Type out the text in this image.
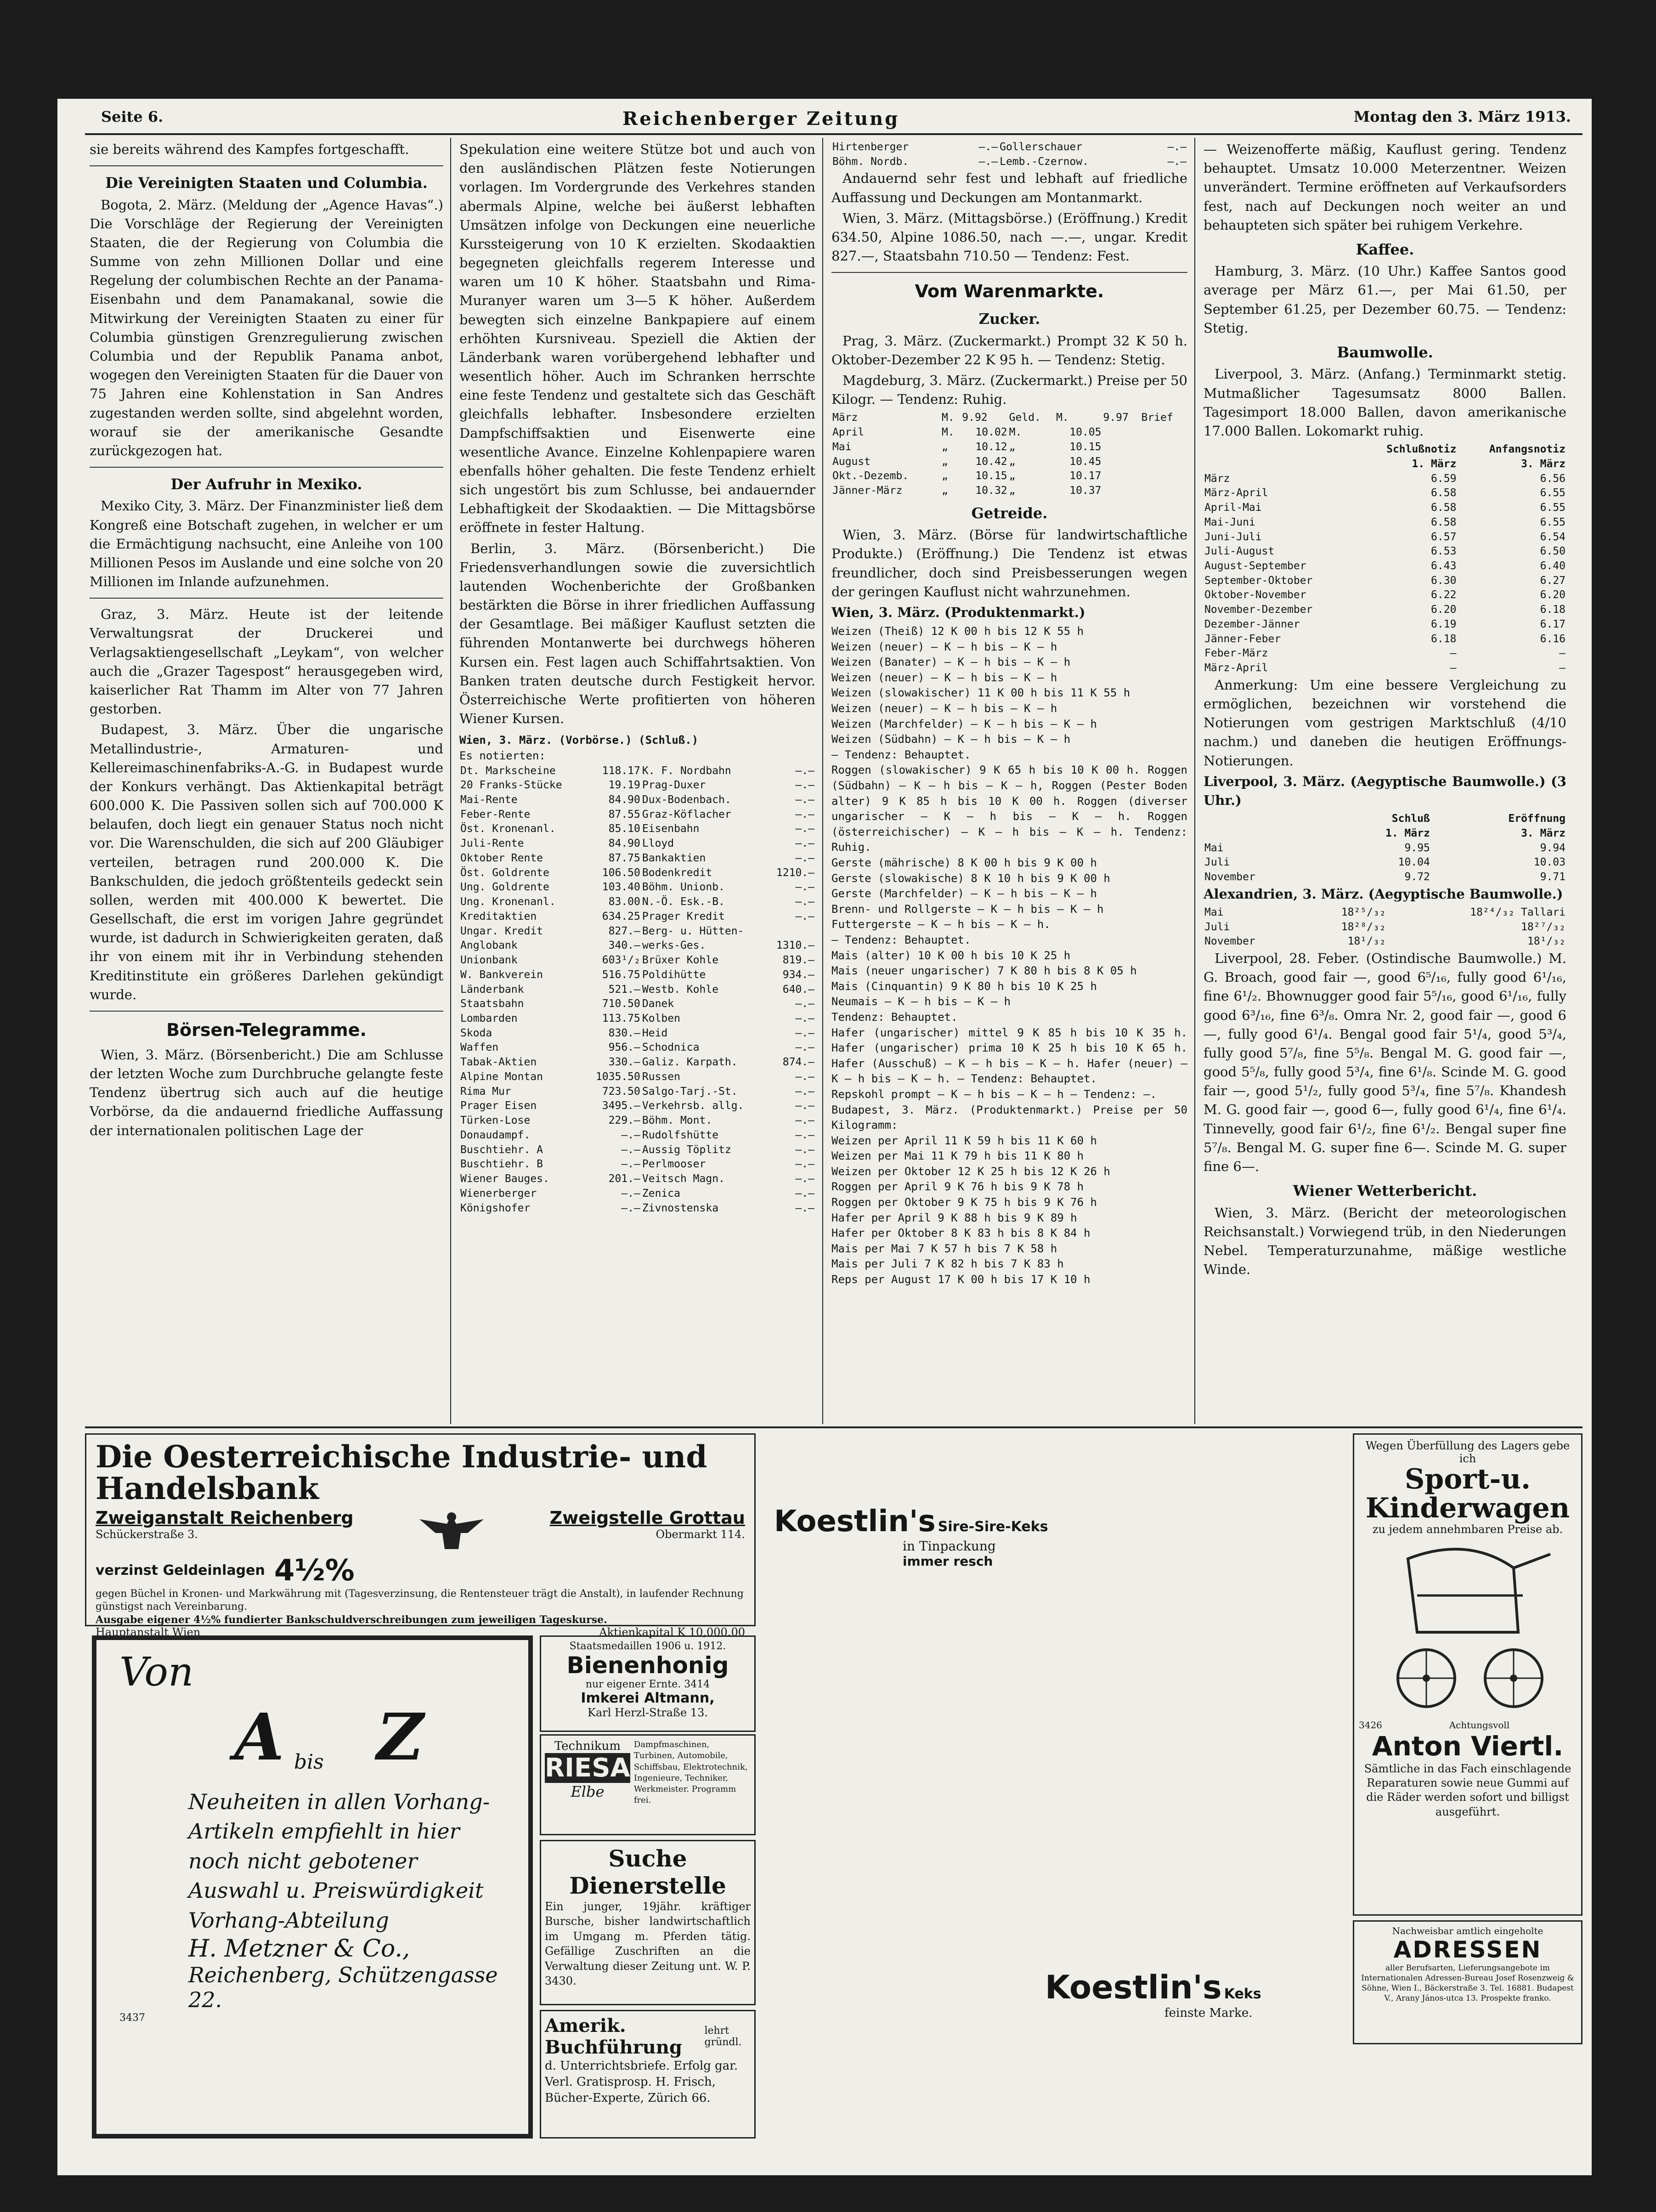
Seite 6.	Reichenberger Zeitung	Montag den 3. März 1913.

sie bereits während des Kampfes fortgeschafft.

Die Vereinigten Staaten und Columbia.

Bogota, 2. März. (Meldung der „Agence Havas“.) Die Vorschläge der Regierung der Vereinigten Staaten, die der Regierung von Columbia die Summe von zehn Millionen Dollar und eine Regelung der columbischen Rechte an der Panama-Eisenbahn und dem Panamakanal, sowie die Mitwirkung der Vereinigten Staaten zu einer für Columbia günstigen Grenzregulierung zwischen Columbia und der Republik Panama anbot, wogegen den Vereinigten Staaten für die Dauer von 75 Jahren eine Kohlenstation in San Andres zugestanden werden sollte, sind abgelehnt worden, worauf sie der amerikanische Gesandte zurückgezogen hat.

Der Aufruhr in Mexiko.

Mexiko City, 3. März. Der Finanzminister ließ dem Kongreß eine Botschaft zugehen, in welcher er um die Ermächtigung nachsucht, eine Anleihe von 100 Millionen Pesos im Auslande und eine solche von 20 Millionen im Inlande aufzunehmen.

Graz, 3. März. Heute ist der leitende Verwaltungsrat der Druckerei und Verlagsaktiengesellschaft „Leykam“, von welcher auch die „Grazer Tagespost“ herausgegeben wird, kaiserlicher Rat Thamm im Alter von 77 Jahren gestorben.

Budapest, 3. März. Über die ungarische Metallindustrie-, Armaturen- und Kellereimaschinenfabriks-A.-G. in Budapest wurde der Konkurs verhängt. Das Aktienkapital beträgt 600.000 K. Die Passiven sollen sich auf 700.000 K belaufen, doch liegt ein genauer Status noch nicht vor. Die Warenschulden, die sich auf 200 Gläubiger verteilen, betragen rund 200.000 K. Die Bankschulden, die jedoch größtenteils gedeckt sein sollen, werden mit 400.000 K bewertet. Die Gesellschaft, die erst im vorigen Jahre gegründet wurde, ist dadurch in Schwierigkeiten geraten, daß ihr von einem mit ihr in Verbindung stehenden Kreditinstitute ein größeres Darlehen gekündigt wurde.

Börsen-Telegramme.

Wien, 3. März. (Börsenbericht.) Die am Schlusse der letzten Woche zum Durchbruche gelangte feste Tendenz übertrug sich auch auf die heutige Vorbörse, da die andauernd friedliche Auffassung der internationalen politischen Lage der

Spekulation eine weitere Stütze bot und auch von den ausländischen Plätzen feste Notierungen vorlagen. Im Vordergrunde des Verkehres standen abermals Alpine, welche bei äußerst lebhaften Umsätzen infolge von Deckungen eine neuerliche Kurssteigerung von 10 K erzielten. Skodaaktien begegneten gleichfalls regerem Interesse und waren um 10 K höher. Staatsbahn und Rima-Muranyer waren um 3—5 K höher. Außerdem bewegten sich einzelne Bankpapiere auf einem erhöhten Kursniveau. Speziell die Aktien der Länderbank waren vorübergehend lebhafter und wesentlich höher. Auch im Schranken herrschte eine feste Tendenz und gestaltete sich das Geschäft gleichfalls lebhafter. Insbesondere erzielten Dampfschiffsaktien und Eisenwerte eine wesentliche Avance. Einzelne Kohlenpapiere waren ebenfalls höher gehalten. Die feste Tendenz erhielt sich ungestört bis zum Schlusse, bei andauernder Lebhaftigkeit der Skodaaktien. — Die Mittagsbörse eröffnete in fester Haltung.

Berlin, 3. März. (Börsenbericht.) Die Friedensverhandlungen sowie die zuversichtlich lautenden Wochenberichte der Großbanken bestärkten die Börse in ihrer friedlichen Auffassung der Gesamtlage. Bei mäßiger Kauflust setzten die führenden Montanwerte bei durchwegs höheren Kursen ein. Fest lagen auch Schiffahrtsaktien. Von Banken traten deutsche durch Festigkeit hervor. Österreichische Werte profitierten von höheren Wiener Kursen.

Wien, 3. März. (Vorbörse.) (Schluß.)
Es notierten:
Dt. Markscheine	118.17	K. F. Nordbahn	—.—
20 Franks-Stücke	19.19	Prag-Duxer	—.—
Mai-Rente	84.90	Dux-Bodenbach.	—.—
Feber-Rente	87.55	Graz-Köflacher	—.—
Öst. Kronenanl.	85.10	Eisenbahn	—.—
Juli-Rente	84.90	Lloyd	—.—
Oktober Rente	87.75	Bankaktien	—.—
Öst. Goldrente	106.50	Bodenkredit	1210.—
Ung. Goldrente	103.40	Böhm. Unionb.	—.—
Ung. Kronenanl.	83.00	N.-Ö. Esk.-B.	—.—
Kreditaktien	634.25	Prager Kredit	—.—
Ungar. Kredit	827.—	Berg- u. Hütten-	
Anglobank	340.—	werks-Ges.	1310.—
Unionbank	603¹/₂	Brüxer Kohle	819.—
W. Bankverein	516.75	Poldihütte	934.—
Länderbank	521.—	Westb. Kohle	640.—
Staatsbahn	710.50	Danek	—.—
Lombarden	113.75	Kolben	—.—
Skoda	830.—	Heid	—.—
Waffen	956.—	Schodnica	—.—
Tabak-Aktien	330.—	Galiz. Karpath.	874.—
Alpine Montan	1035.50	Russen	—.—
Rima Mur	723.50	Salgo-Tarj.-St.	—.—
Prager Eisen	3495.—	Verkehrsb. allg.	—.—
Türken-Lose	229.—	Böhm. Mont.	—.—
Donaudampf.	—.—	Rudolfshütte	—.—
Buschtiehr. A	—.—	Aussig Töplitz	—.—
Buschtiehr. B	—.—	Perlmooser	—.—
Wiener Bauges.	201.—	Veitsch Magn.	—.—
Wienerberger	—.—	Zenica	—.—
Königshofer	—.—	Zivnostenska	—.—
Hirtenberger	—.—	Gollerschauer	—.—
Böhm. Nordb.	—.—	Lemb.-Czernow.	—.—

Andauernd sehr fest und lebhaft auf friedliche Auffassung und Deckungen am Montanmarkt.

Wien, 3. März. (Mittagsbörse.) (Eröffnung.) Kredit 634.50, Alpine 1086.50, nach —.—, ungar. Kredit 827.—, Staatsbahn 710.50 — Tendenz: Fest.

Vom Warenmarkte.
Zucker.

Prag, 3. März. (Zuckermarkt.) Prompt 32 K 50 h. Oktober-Dezember 22 K 95 h. — Tendenz: Stetig.

Magdeburg, 3. März. (Zuckermarkt.) Preise per 50 Kilogr. — Tendenz: Ruhig.

März	M.	9.92	Geld.	M.	9.97	Brief
April	M.	10.02	M.	10.05		
Mai	„	10.12	„	10.15		
August	„	10.42	„	10.45		
Okt.-Dezemb.	„	10.15	„	10.17		
Jänner-März	„	10.32	„	10.37		
Getreide.

Wien, 3. März. (Börse für landwirtschaftliche Produkte.) (Eröffnung.) Die Tendenz ist etwas freundlicher, doch sind Preisbesserungen wegen der geringen Kauflust nicht wahrzunehmen.

Wien, 3. März. (Produktenmarkt.)

Weizen (Theiß) 12 K 00 h bis 12 K 55 h
Weizen (neuer) — K — h bis — K — h
Weizen (Banater) — K — h bis — K — h
Weizen (neuer) — K — h bis — K — h
Weizen (slowakischer) 11 K 00 h bis 11 K 55 h
Weizen (neuer) — K — h bis — K — h
Weizen (Marchfelder) — K — h bis — K — h
Weizen (Südbahn) — K — h bis — K — h
— Tendenz: Behauptet.
Roggen (slowakischer) 9 K 65 h bis 10 K 00 h. Roggen (Südbahn) — K — h bis — K — h, Roggen (Pester Boden alter) 9 K 85 h bis 10 K 00 h. Roggen (diverser ungarischer — K — h bis — K — h. Roggen (österreichischer) — K — h bis — K — h. Tendenz: Ruhig.
Gerste (mährische) 8 K 00 h bis 9 K 00 h
Gerste (slowakische) 8 K 10 h bis 9 K 00 h
Gerste (Marchfelder) — K — h bis — K — h
Brenn- und Rollgerste — K — h bis — K — h
Futtergerste — K — h bis — K — h.
— Tendenz: Behauptet.
Mais (alter) 10 K 00 h bis 10 K 25 h
Mais (neuer ungarischer) 7 K 80 h bis 8 K 05 h
Mais (Cinquantin) 9 K 80 h bis 10 K 25 h
Neumais — K — h bis — K — h
Tendenz: Behauptet.
Hafer (ungarischer) mittel 9 K 85 h bis 10 K 35 h. Hafer (ungarischer) prima 10 K 25 h bis 10 K 65 h. Hafer (Ausschuß) — K — h bis — K — h. Hafer (neuer) — K — h bis — K — h. — Tendenz: Behauptet.
Repskohl prompt — K — h bis — K — h — Tendenz: —.
Budapest, 3. März. (Produktenmarkt.) Preise per 50 Kilogramm:
Weizen per April 11 K 59 h bis 11 K 60 h
Weizen per Mai 11 K 79 h bis 11 K 80 h
Weizen per Oktober 12 K 25 h bis 12 K 26 h
Roggen per April 9 K 76 h bis 9 K 78 h
Roggen per Oktober 9 K 75 h bis 9 K 76 h
Hafer per April 9 K 88 h bis 9 K 89 h
Hafer per Oktober 8 K 83 h bis 8 K 84 h
Mais per Mai 7 K 57 h bis 7 K 58 h
Mais per Juli 7 K 82 h bis 7 K 83 h
Reps per August 17 K 00 h bis 17 K 10 h

— Weizenofferte mäßig, Kauflust gering. Tendenz behauptet. Umsatz 10.000 Meterzentner. Weizen unverändert. Termine eröffneten auf Verkaufsorders fest, nach auf Deckungen noch weiter an und behaupteten sich später bei ruhigem Verkehre.

Kaffee.

Hamburg, 3. März. (10 Uhr.) Kaffee Santos good average per März 61.—, per Mai 61.50, per September 61.25, per Dezember 60.75. — Tendenz: Stetig.

Baumwolle.

Liverpool, 3. März. (Anfang.) Terminmarkt stetig. Mutmaßlicher Tagesumsatz 8000 Ballen. Tagesimport 18.000 Ballen, davon amerikanische 17.000 Ballen. Lokomarkt ruhig.

	Schlußnotiz	Anfangsnotiz
	1. März	3. März
März	6.59	6.56
März-April	6.58	6.55
April-Mai	6.58	6.55
Mai-Juni	6.58	6.55
Juni-Juli	6.57	6.54
Juli-August	6.53	6.50
August-September	6.43	6.40
September-Oktober	6.30	6.27
Oktober-November	6.22	6.20
November-Dezember	6.20	6.18
Dezember-Jänner	6.19	6.17
Jänner-Feber	6.18	6.16
Feber-März	—	—
März-April	—	—

Anmerkung: Um eine bessere Vergleichung zu ermöglichen, bezeichnen wir vorstehend die Notierungen vom gestrigen Marktschluß (4/10 nachm.) und daneben die heutigen Eröffnungs-Notierungen.

Liverpool, 3. März. (Aegyptische Baumwolle.) (3 Uhr.)

	Schluß	Eröffnung
	1. März	3. März
Mai	9.95	9.94
Juli	10.04	10.03
November	9.72	9.71

Alexandrien, 3. März. (Aegyptische Baumwolle.)

Mai	18²⁵/₃₂	18²⁴/₃₂ Tallari
Juli	18²⁸/₃₂	18²⁷/₃₂
November	18¹/₃₂	18¹/₃₂

Liverpool, 28. Feber. (Ostindische Baumwolle.) M. G. Broach, good fair —, good 6⁵/₁₆, fully good 6¹/₁₆, fine 6¹/₂. Bhownugger good fair 5⁵/₁₆, good 6¹/₁₆, fully good 6³/₁₆, fine 6³/₈. Omra Nr. 2, good fair —, good 6—, fully good 6¹/₄. Bengal good fair 5¹/₄, good 5³/₄, fully good 5⁷/₈, fine 5⁵/₈. Bengal M. G. good fair —, good 5⁵/₈, fully good 5³/₄, fine 6¹/₈. Scinde M. G. good fair —, good 5¹/₂, fully good 5³/₄, fine 5⁷/₈. Khandesh M. G. good fair —, good 6—, fully good 6¹/₄, fine 6¹/₄. Tinnevelly, good fair 6¹/₂, fine 6¹/₂. Bengal super fine 5⁷/₈. Bengal M. G. super fine 6—. Scinde M. G. super fine 6—.

Wiener Wetterbericht.

Wien, 3. März. (Bericht der meteorologischen Reichsanstalt.) Vorwiegend trüb, in den Niederungen Nebel. Temperaturzunahme, mäßige westliche Winde.

Die Oesterreichische Industrie- und Handelsbank
Zweiganstalt Reichenberg
Schückerstraße 3.
Zweigstelle Grottau
Obermarkt 114.
verzinst Geldeinlagen 4½%
gegen Büchel in Kronen- und Markwährung mit (Tagesverzinsung, die Rentensteuer trägt die Anstalt), in laufender Rechnung günstigst nach Vereinbarung.
Ausgabe eigener 4½% fundierter Bankschuldverschreibungen zum jeweiligen Tageskurse.
Hauptanstalt Wien	Aktienkapital K 10,000.00
Von
A bis Z
Neuheiten in allen Vorhang-Artikeln empfiehlt in hier noch nicht gebotener Auswahl u. Preiswürdigkeit Vorhang-Abteilung
H. Metzner & Co.,
Reichenberg, Schützengasse 22.
3437
Staatsmedaillen 1906 u. 1912.
Bienenhonig
nur eigener Ernte. 3414
Imkerei Altmann,
Karl Herzl-Straße 13.
Technikum
RIESA
Elbe
Dampfmaschinen, Turbinen, Automobile, Schiffsbau, Elektrotechnik, Ingenieure, Techniker, Werkmeister. Programm frei.
Suche Dienerstelle
Ein junger, 19jähr. kräftiger Bursche, bisher landwirtschaftlich im Umgang m. Pferden tätig. Gefällige Zuschriften an die Verwaltung dieser Zeitung unt. W. P. 3430.
Amerik. Buchführung
lehrt gründl.
d. Unterrichtsbriefe. Erfolg gar. Verl. Gratisprosp. H. Frisch, Bücher-Experte, Zürich 66.
Koestlin's Sire-Sire-Keks
in Tinpackung
immer resch
Koestlin's Keks
feinste Marke.
Wegen Überfüllung des Lagers gebe ich
Sport-u. Kinderwagen
zu jedem annehmbaren Preise ab.
3426	Achtungsvoll
Anton Viertl.
Sämtliche in das Fach einschlagende Reparaturen sowie neue Gummi auf die Räder werden sofort und billigst ausgeführt.
Nachweisbar amtlich eingeholte
ADRESSEN
aller Berufsarten, Lieferungsangebote im Internationalen Adressen-Bureau Josef Rosenzweig & Söhne, Wien I., Bäckerstraße 3. Tel. 16881. Budapest V., Arany János-utca 13. Prospekte franko.
